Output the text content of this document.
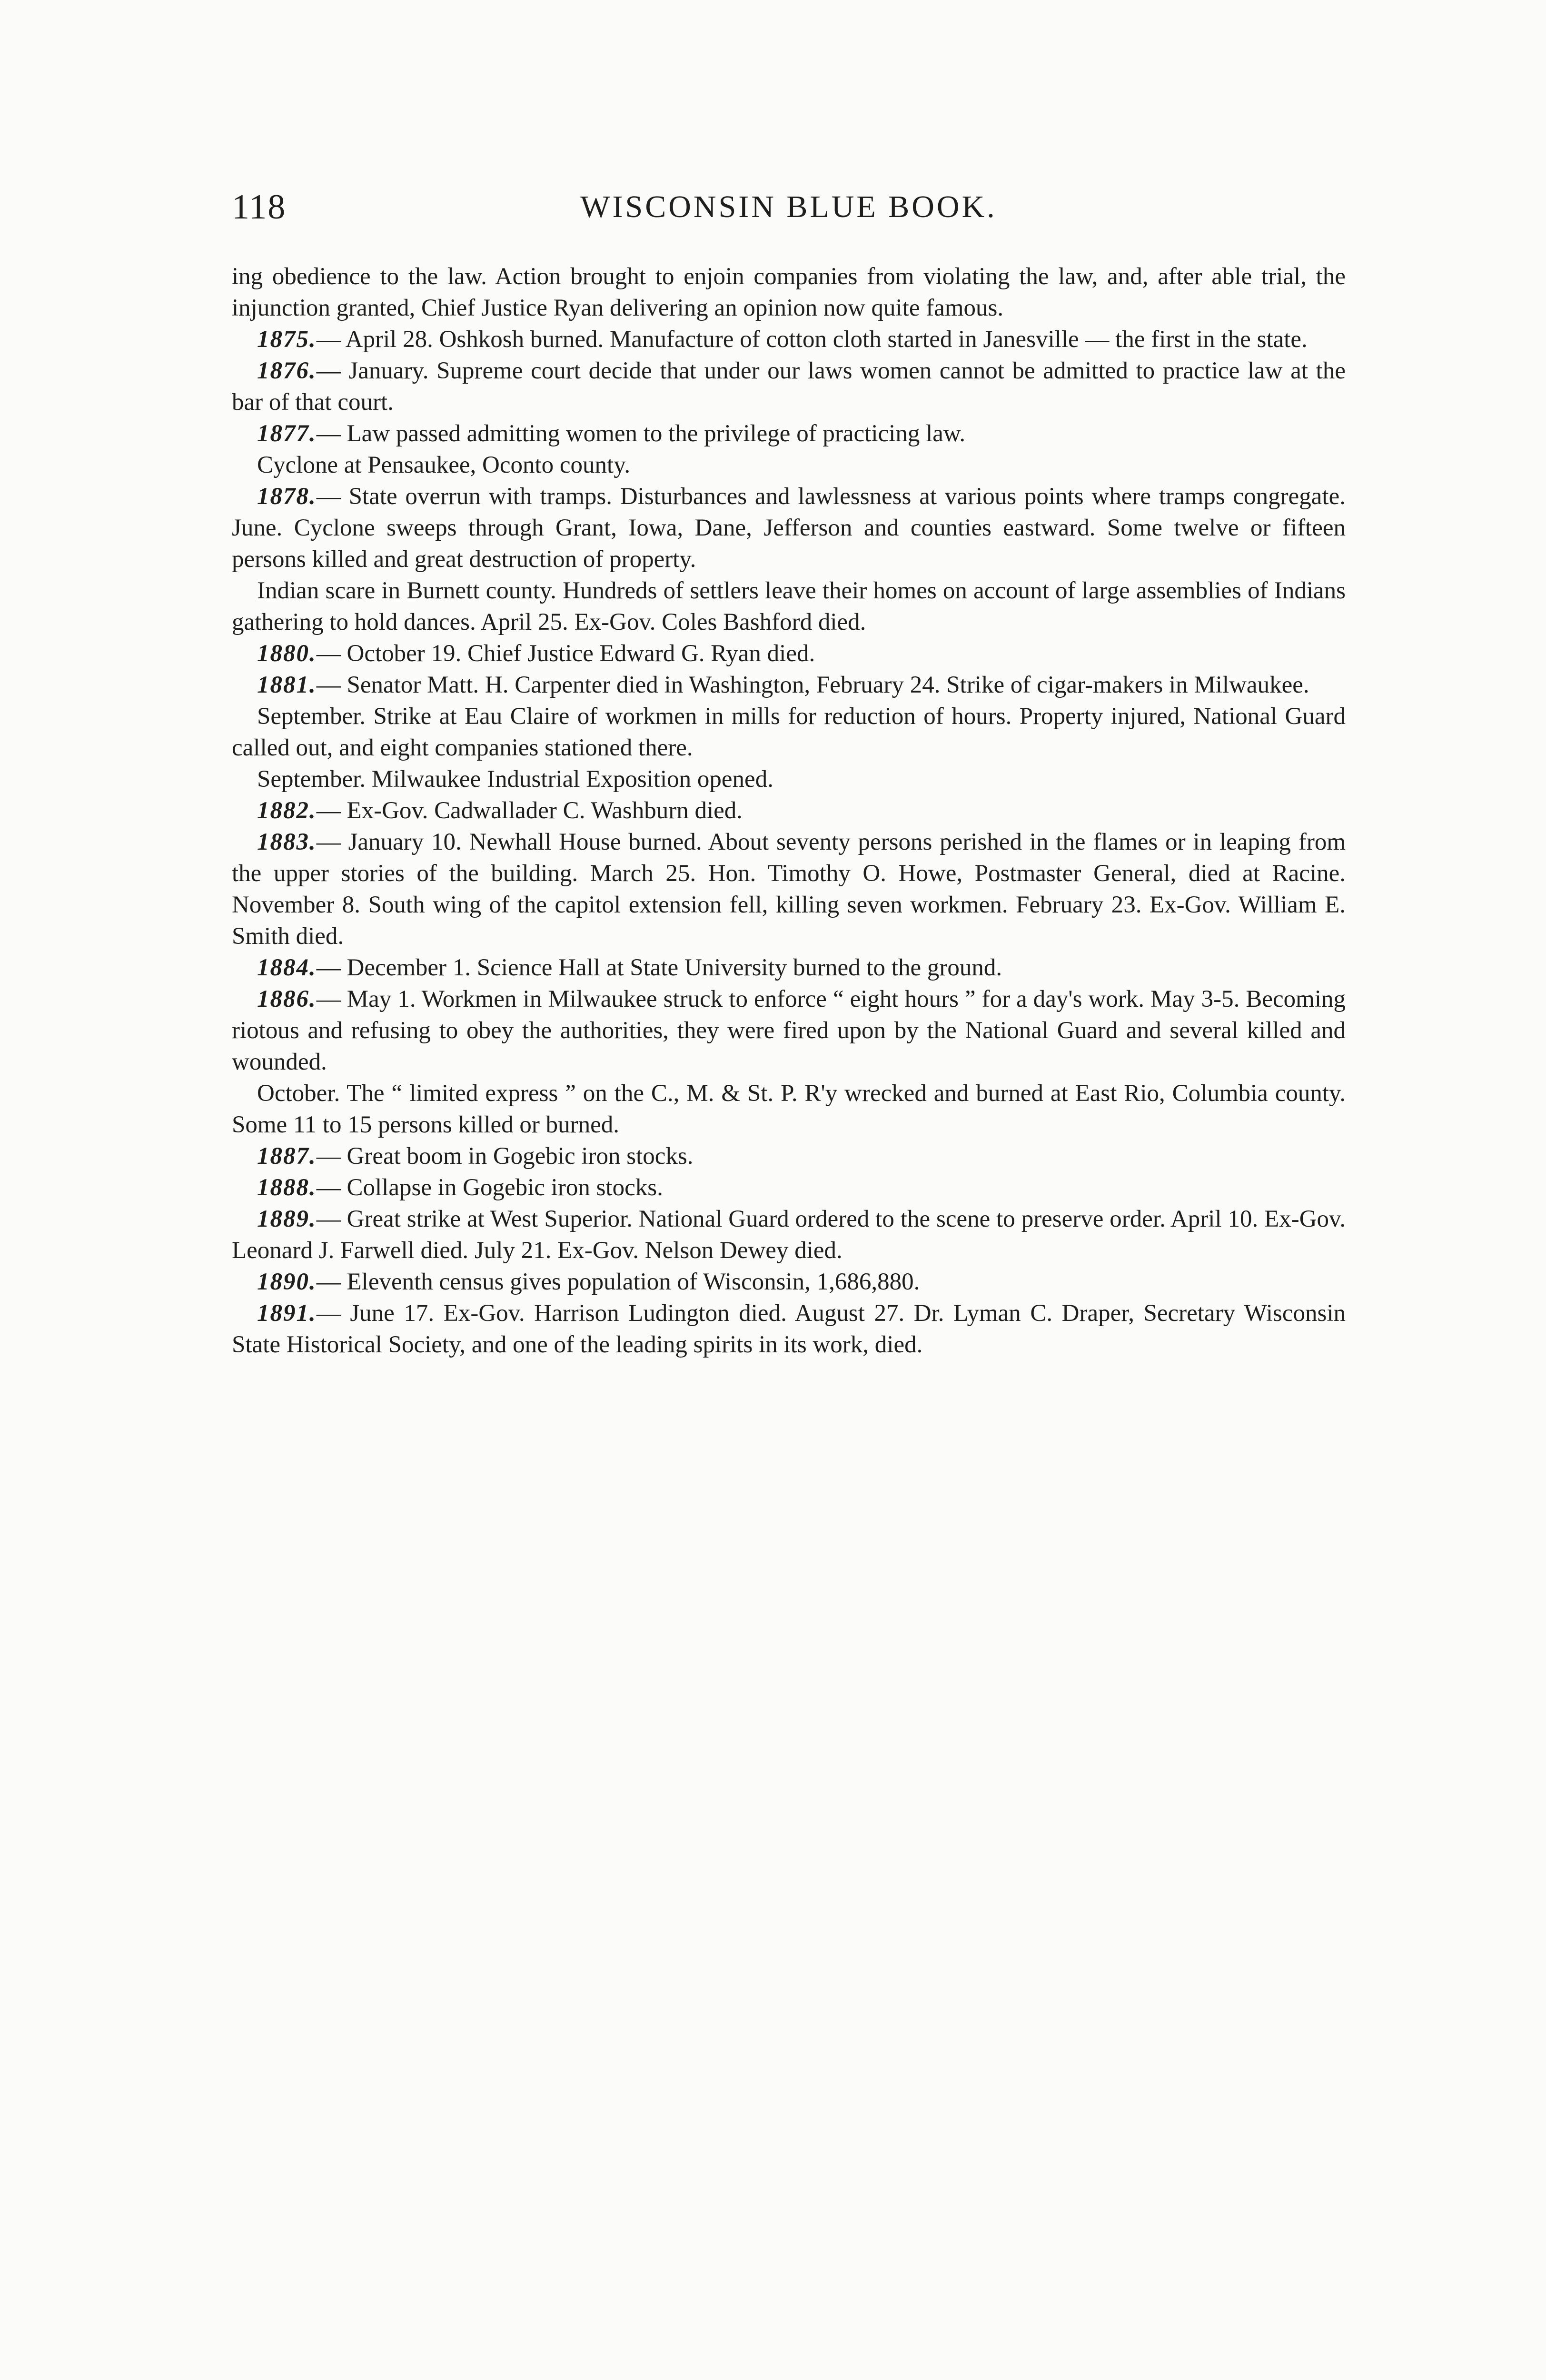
118	WISCONSIN BLUE BOOK.

ing obedience to the law. Action brought to enjoin companies from violating the law, and, after able trial, the injunction granted, Chief Justice Ryan delivering an opinion now quite famous.

1875.— April 28. Oshkosh burned. Manufacture of cotton cloth started in Janesville — the first in the state.

1876.— January. Supreme court decide that under our laws women cannot be admitted to practice law at the bar of that court.

1877.— Law passed admitting women to the privilege of practicing law.

Cyclone at Pensaukee, Oconto county.

1878.— State overrun with tramps. Disturbances and lawlessness at various points where tramps congregate. June. Cyclone sweeps through Grant, Iowa, Dane, Jefferson and counties eastward. Some twelve or fifteen persons killed and great destruction of property.

Indian scare in Burnett county. Hundreds of settlers leave their homes on account of large assemblies of Indians gathering to hold dances. April 25. Ex-Gov. Coles Bashford died.

1880.— October 19. Chief Justice Edward G. Ryan died.

1881.— Senator Matt. H. Carpenter died in Washington, February 24. Strike of cigar-makers in Milwaukee.

September. Strike at Eau Claire of workmen in mills for reduction of hours. Property injured, National Guard called out, and eight companies stationed there.

September. Milwaukee Industrial Exposition opened.

1882.— Ex-Gov. Cadwallader C. Washburn died.

1883.— January 10. Newhall House burned. About seventy persons perished in the flames or in leaping from the upper stories of the building. March 25. Hon. Timothy O. Howe, Postmaster General, died at Racine. November 8. South wing of the capitol extension fell, killing seven workmen. February 23. Ex-Gov. William E. Smith died.

1884.— December 1. Science Hall at State University burned to the ground.

1886.— May 1. Workmen in Milwaukee struck to enforce “ eight hours ” for a day's work. May 3-5. Becoming riotous and refusing to obey the authorities, they were fired upon by the National Guard and several killed and wounded.

October. The “ limited express ” on the C., M. & St. P. R'y wrecked and burned at East Rio, Columbia county. Some 11 to 15 persons killed or burned.

1887.— Great boom in Gogebic iron stocks.

1888.— Collapse in Gogebic iron stocks.

1889.— Great strike at West Superior. National Guard ordered to the scene to preserve order. April 10. Ex-Gov. Leonard J. Farwell died. July 21. Ex-Gov. Nelson Dewey died.

1890.— Eleventh census gives population of Wisconsin, 1,686,880.

1891.— June 17. Ex-Gov. Harrison Ludington died. August 27. Dr. Lyman C. Draper, Secretary Wisconsin State Historical Society, and one of the leading spirits in its work, died.
